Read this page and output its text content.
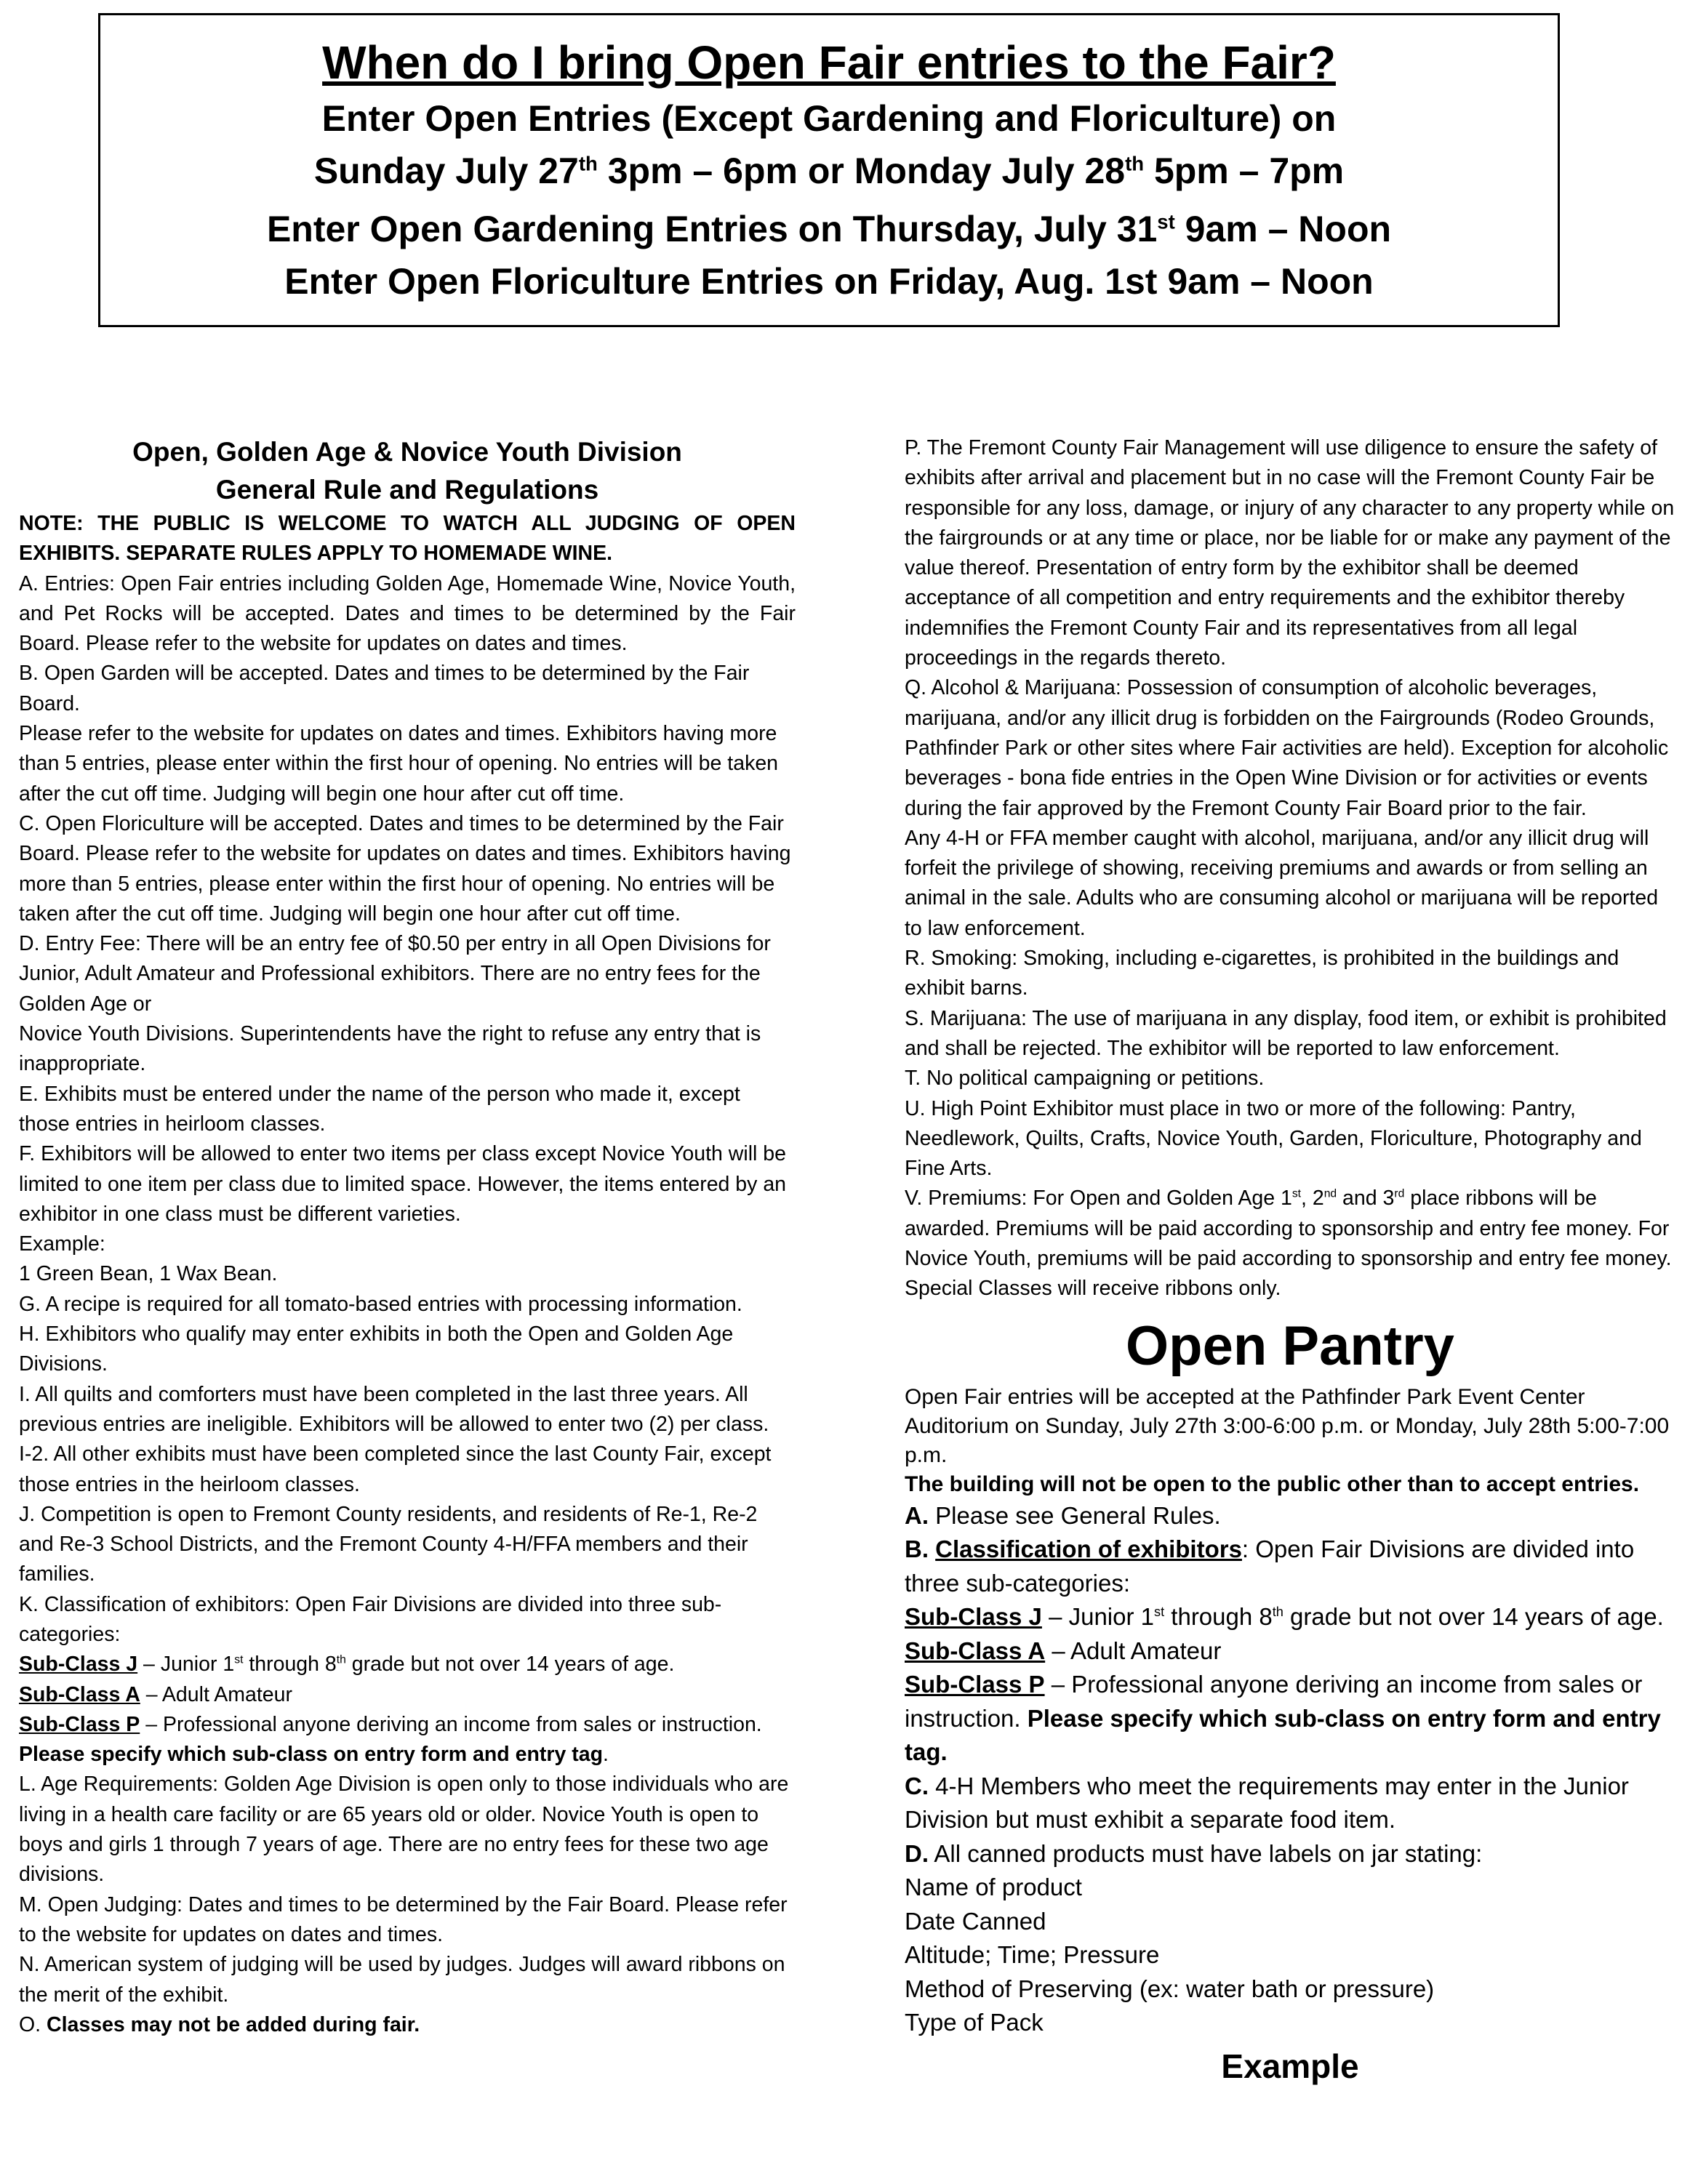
When do I bring Open Fair entries to the Fair?
Enter Open Entries (Except Gardening and Floriculture) on
Sunday July 27th 3pm – 6pm or Monday July 28th 5pm – 7pm
Enter Open Gardening Entries on Thursday, July 31st 9am – Noon
Enter Open Floriculture Entries on Friday, Aug. 1st 9am – Noon

Open, Golden Age & Novice Youth Division

General Rule and Regulations

NOTE: THE PUBLIC IS WELCOME TO WATCH ALL JUDGING OF OPEN EXHIBITS. SEPARATE RULES APPLY TO HOMEMADE WINE.

A. Entries: Open Fair entries including Golden Age, Homemade Wine, Novice Youth, and Pet Rocks will be accepted. Dates and times to be determined by the Fair Board. Please refer to the website for updates on dates and times.

B. Open Garden will be accepted. Dates and times to be determined by the Fair Board.

Please refer to the website for updates on dates and times. Exhibitors having more than 5 entries, please enter within the first hour of opening. No entries will be taken after the cut off time. Judging will begin one hour after cut off time.

C. Open Floriculture will be accepted. Dates and times to be determined by the Fair Board. Please refer to the website for updates on dates and times. Exhibitors having more than 5 entries, please enter within the first hour of opening. No entries will be taken after the cut off time. Judging will begin one hour after cut off time.

D. Entry Fee: There will be an entry fee of $0.50 per entry in all Open Divisions for Junior, Adult Amateur and Professional exhibitors. There are no entry fees for the Golden Age or

Novice Youth Divisions. Superintendents have the right to refuse any entry that is inappropriate.

E. Exhibits must be entered under the name of the person who made it, except those entries in heirloom classes.

F. Exhibitors will be allowed to enter two items per class except Novice Youth will be limited to one item per class due to limited space. However, the items entered by an exhibitor in one class must be different varieties.

Example:

1 Green Bean, 1 Wax Bean.

G. A recipe is required for all tomato-based entries with processing information.

H. Exhibitors who qualify may enter exhibits in both the Open and Golden Age Divisions.

I. All quilts and comforters must have been completed in the last three years. All previous entries are ineligible. Exhibitors will be allowed to enter two (2) per class.

I-2. All other exhibits must have been completed since the last County Fair, except those entries in the heirloom classes.

J. Competition is open to Fremont County residents, and residents of Re-1, Re-2 and Re-3 School Districts, and the Fremont County 4-H/FFA members and their families.

K. Classification of exhibitors: Open Fair Divisions are divided into three sub-categories:

Sub-Class J – Junior 1st through 8th grade but not over 14 years of age.

Sub-Class A – Adult Amateur

Sub-Class P – Professional anyone deriving an income from sales or instruction. Please specify which sub-class on entry form and entry tag.

L. Age Requirements: Golden Age Division is open only to those individuals who are living in a health care facility or are 65 years old or older. Novice Youth is open to boys and girls 1 through 7 years of age. There are no entry fees for these two age divisions.

M. Open Judging: Dates and times to be determined by the Fair Board. Please refer to the website for updates on dates and times.

N. American system of judging will be used by judges. Judges will award ribbons on the merit of the exhibit.

O. Classes may not be added during fair.

P. The Fremont County Fair Management will use diligence to ensure the safety of exhibits after arrival and placement but in no case will the Fremont County Fair be responsible for any loss, damage, or injury of any character to any property while on the fairgrounds or at any time or place, nor be liable for or make any payment of the value thereof. Presentation of entry form by the exhibitor shall be deemed acceptance of all competition and entry requirements and the exhibitor thereby indemnifies the Fremont County Fair and its representatives from all legal proceedings in the regards thereto.

Q. Alcohol & Marijuana: Possession of consumption of alcoholic beverages, marijuana, and/or any illicit drug is forbidden on the Fairgrounds (Rodeo Grounds, Pathfinder Park or other sites where Fair activities are held). Exception for alcoholic beverages - bona fide entries in the Open Wine Division or for activities or events during the fair approved by the Fremont County Fair Board prior to the fair.

Any 4-H or FFA member caught with alcohol, marijuana, and/or any illicit drug will forfeit the privilege of showing, receiving premiums and awards or from selling an animal in the sale. Adults who are consuming alcohol or marijuana will be reported to law enforcement.

R. Smoking: Smoking, including e-cigarettes, is prohibited in the buildings and exhibit barns.

S. Marijuana: The use of marijuana in any display, food item, or exhibit is prohibited and shall be rejected. The exhibitor will be reported to law enforcement.

T. No political campaigning or petitions.

U. High Point Exhibitor must place in two or more of the following: Pantry, Needlework, Quilts, Crafts, Novice Youth, Garden, Floriculture, Photography and Fine Arts.

V. Premiums: For Open and Golden Age 1st, 2nd and 3rd place ribbons will be awarded. Premiums will be paid according to sponsorship and entry fee money. For Novice Youth, premiums will be paid according to sponsorship and entry fee money. Special Classes will receive ribbons only.

Open Pantry

Open Fair entries will be accepted at the Pathfinder Park Event Center Auditorium on Sunday, July 27th 3:00-6:00 p.m. or Monday, July 28th 5:00-7:00 p.m.

The building will not be open to the public other than to accept entries.

A. Please see General Rules.

B. Classification of exhibitors: Open Fair Divisions are divided into three sub-categories:

Sub-Class J – Junior 1st through 8th grade but not over 14 years of age.

Sub-Class A – Adult Amateur

Sub-Class P – Professional anyone deriving an income from sales or instruction. Please specify which sub-class on entry form and entry tag.

C. 4-H Members who meet the requirements may enter in the Junior Division but must exhibit a separate food item.

D. All canned products must have labels on jar stating:

Name of product

Date Canned

Altitude; Time; Pressure

Method of Preserving (ex: water bath or pressure)

Type of Pack

Example
